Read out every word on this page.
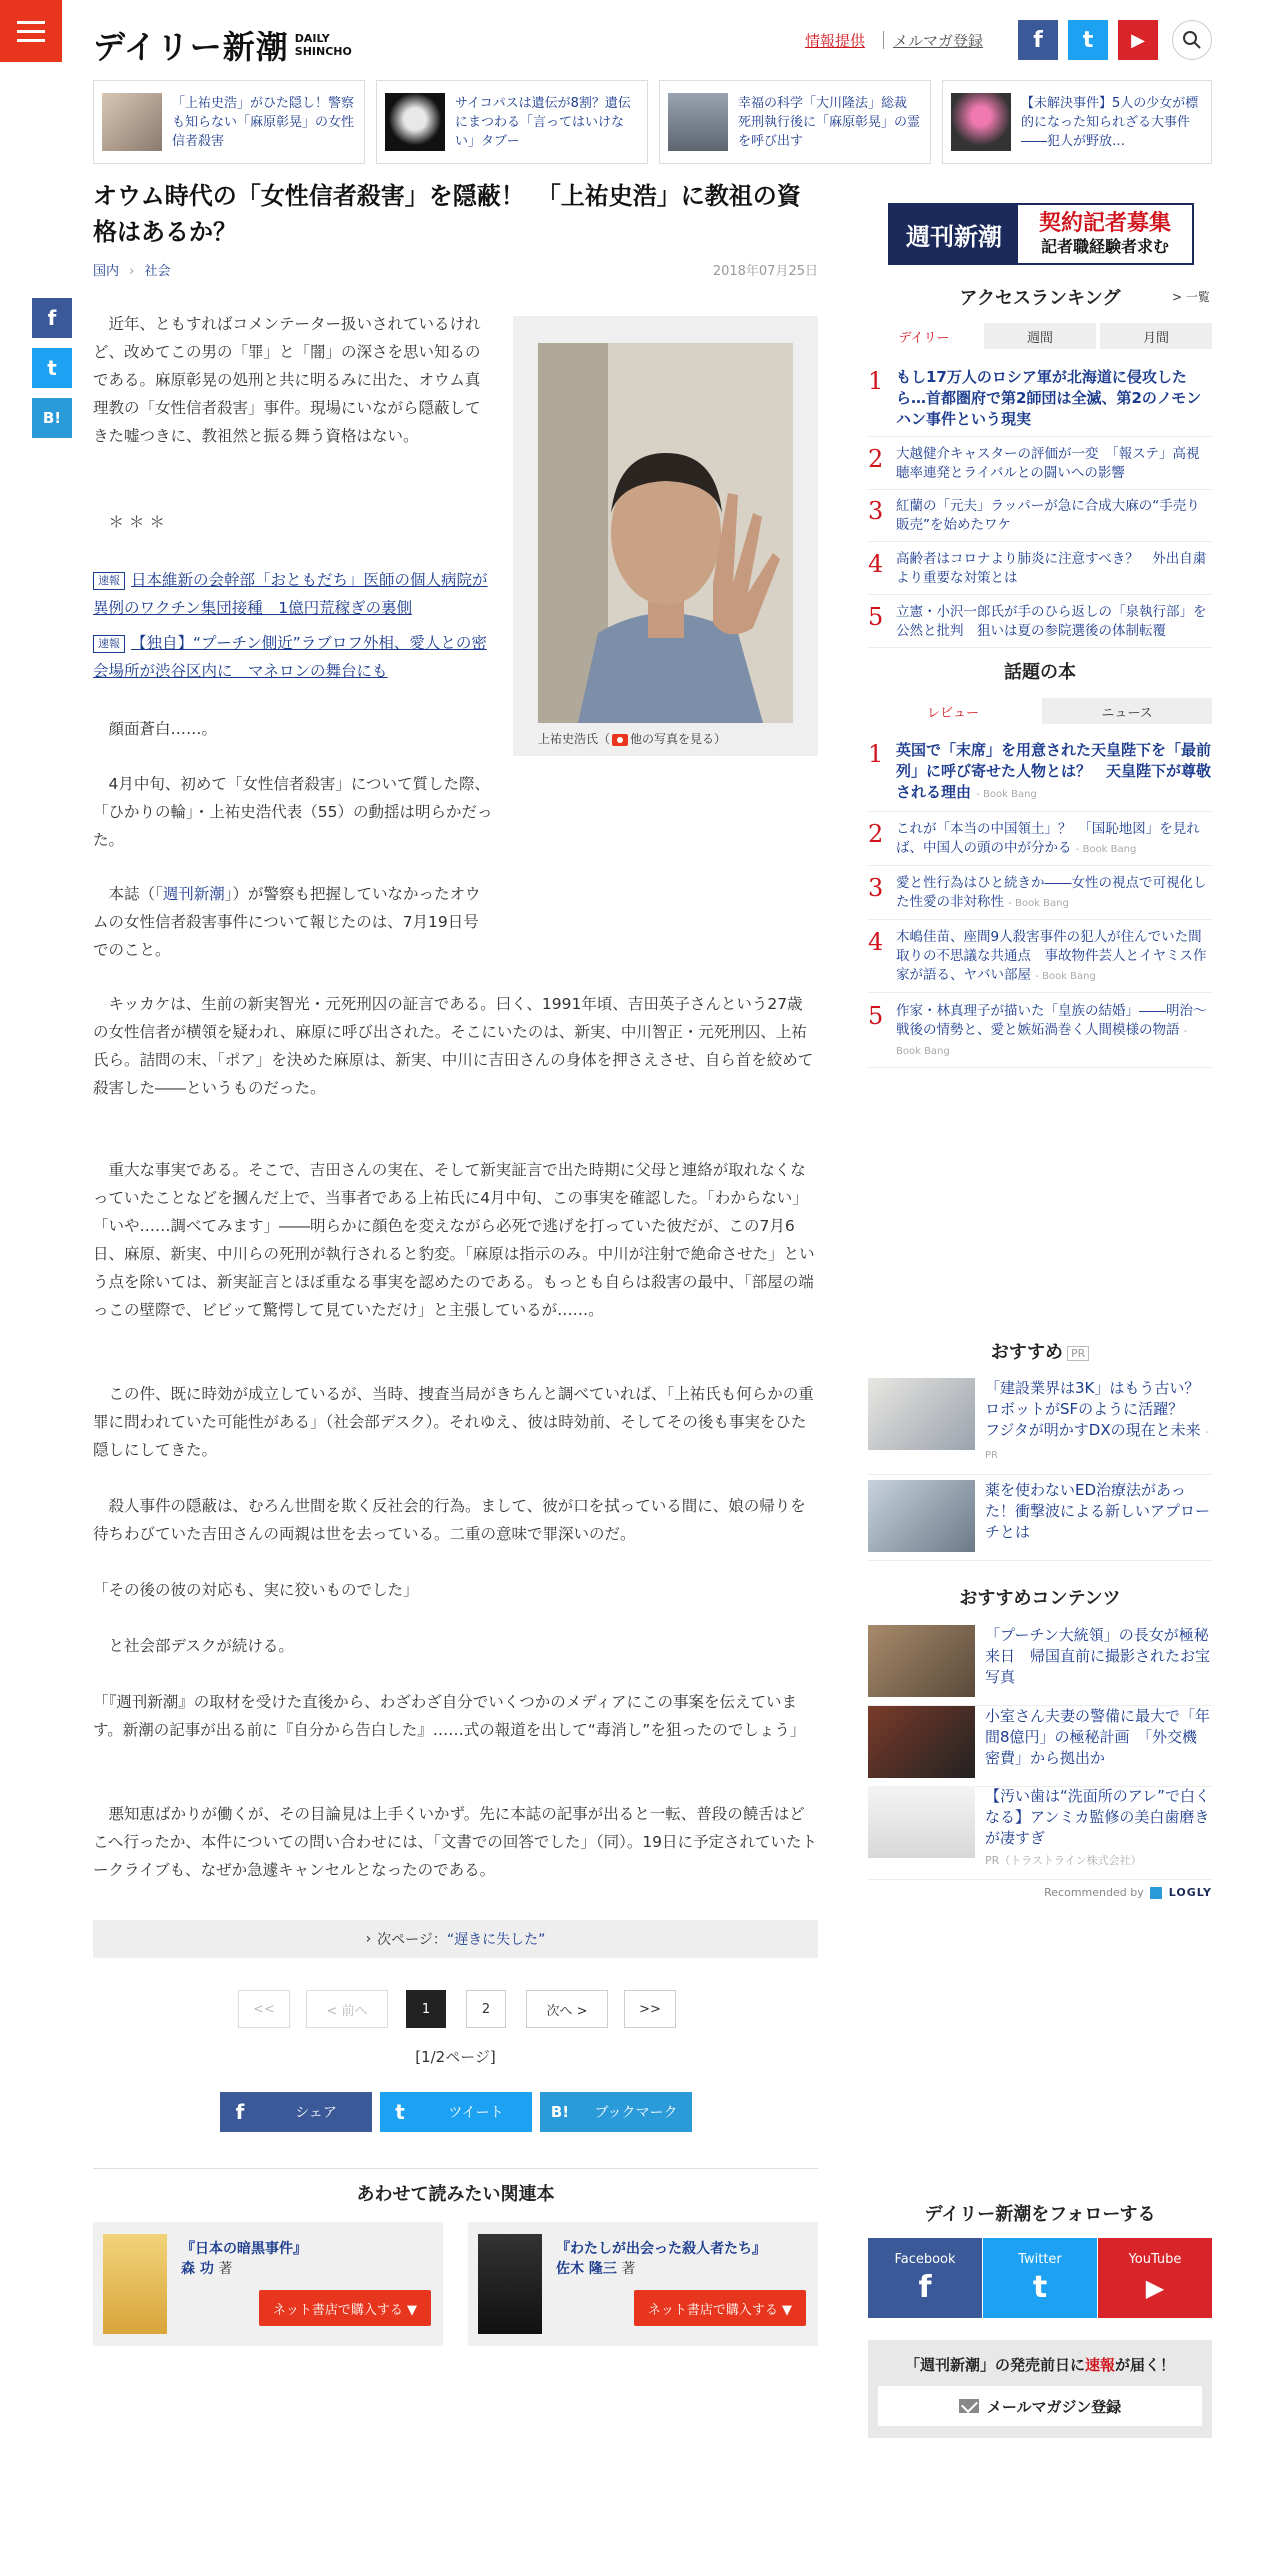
デイリー新潮 DAILY
SHINCHO
情報提供 メルマガ登録	f	t	▶
「上祐史浩」がひた隠し！警察も知らない「麻原彰晃」の女性信者殺害
サイコパスは遺伝が8割？遺伝にまつわる「言ってはいけない」タブー
幸福の科学「大川隆法」総裁　死刑執行後に「麻原彰晃」の霊を呼び出す
【未解決事件】5人の少女が標的になった知られざる大事件――犯人が野放…
f
t
B!
オウム時代の「女性信者殺害」を隠蔽！　「上祐史浩」に教祖の資格はあるか？
国内 › 社会	2018年07月25日
上祐史浩氏（ 他の写真を見る）

近年、ともすればコメンテーター扱いされているけれど、改めてこの男の「罪」と「闇」の深さを思い知るのである。麻原彰晃の処刑と共に明るみに出た、オウム真理教の「女性信者殺害」事件。現場にいながら隠蔽してきた嘘つきに、教祖然と振る舞う資格はない。

＊ ＊ ＊

速報 日本維新の会幹部「おともだち」医師の個人病院が異例のワクチン集団接種　1億円荒稼ぎの裏側
速報 【独自】“プーチン側近”ラブロフ外相、愛人との密会場所が渋谷区内に　マネロンの舞台にも

顔面蒼白……。

4月中旬、初めて「女性信者殺害」について質した際、「ひかりの輪」・上祐史浩代表（55）の動揺は明らかだった。

本誌（「週刊新潮」）が警察も把握していなかったオウムの女性信者殺害事件について報じたのは、7月19日号でのこと。

キッカケは、生前の新実智光・元死刑囚の証言である。曰く、1991年頃、吉田英子さんという27歳の女性信者が横領を疑われ、麻原に呼び出された。そこにいたのは、新実、中川智正・元死刑囚、上祐氏ら。詰問の末、「ポア」を決めた麻原は、新実、中川に吉田さんの身体を押さえさせ、自ら首を絞めて殺害した――というものだった。

重大な事実である。そこで、吉田さんの実在、そして新実証言で出た時期に父母と連絡が取れなくなっていたことなどを摑んだ上で、当事者である上祐氏に4月中旬、この事実を確認した。「わからない」「いや……調べてみます」――明らかに顔色を変えながら必死で逃げを打っていた彼だが、この7月6日、麻原、新実、中川らの死刑が執行されると豹変。「麻原は指示のみ。中川が注射で絶命させた」という点を除いては、新実証言とほぼ重なる事実を認めたのである。もっとも自らは殺害の最中、「部屋の端っこの壁際で、ビビッて驚愕して見ていただけ」と主張しているが……。

この件、既に時効が成立しているが、当時、捜査当局がきちんと調べていれば、「上祐氏も何らかの重罪に問われていた可能性がある」（社会部デスク）。それゆえ、彼は時効前、そしてその後も事実をひた隠しにしてきた。

殺人事件の隠蔽は、むろん世間を欺く反社会的行為。まして、彼が口を拭っている間に、娘の帰りを待ちわびていた吉田さんの両親は世を去っている。二重の意味で罪深いのだ。

「その後の彼の対応も、実に狡いものでした」

と社会部デスクが続ける。

「『週刊新潮』の取材を受けた直後から、わざわざ自分でいくつかのメディアにこの事案を伝えています。新潮の記事が出る前に『自分から告白した』……式の報道を出して“毒消し”を狙ったのでしょう」

悪知恵ばかりが働くが、その目論見は上手くいかず。先に本誌の記事が出ると一転、普段の饒舌はどこへ行ったか、本件についての問い合わせには、「文書での回答でした」（同）。19日に予定されていたトークライブも、なぜか急遽キャンセルとなったのである。

› 次ページ： “遅きに失した”
<<	< 前へ	1	2	次へ >	>>
[1/2ページ]
f	シェア	t	ツイート	B!	ブックマーク
あわせて読みたい関連本
『日本の暗黒事件』
森 功 著
ネット書店で購入する ▼
『わたしが出会った殺人者たち』
佐木 隆三 著
ネット書店で購入する ▼
週刊新潮	契約記者募集
記者職経験者求む
アクセスランキング	> 一覧
デイリー	週間	月間
1 もし17万人のロシア軍が北海道に侵攻したら…首都圏府で第2師団は全滅、第2のノモンハン事件という現実
2 大越健介キャスターの評価が一変　「報ステ」高視聴率連発とライバルとの闘いへの影響
3 紅蘭の「元夫」ラッパーが急に合成大麻の“手売り販売”を始めたワケ
4 高齢者はコロナより肺炎に注意すべき？　外出自粛より重要な対策とは
5 立憲・小沢一郎氏が手のひら返しの「泉執行部」を公然と批判　狙いは夏の参院選後の体制転覆
話題の本
レビュー	ニュース
1 英国で「末席」を用意された天皇陛下を「最前列」に呼び寄せた人物とは？　天皇陛下が尊敬される理由 - Book Bang
2 これが「本当の中国領土」？　「国恥地図」を見れば、中国人の頭の中が分かる - Book Bang
3 愛と性行為はひと続きか――女性の視点で可視化した性愛の非対称性 - Book Bang
4 木嶋佳苗、座間9人殺害事件の犯人が住んでいた間取りの不思議な共通点　事故物件芸人とイヤミス作家が語る、ヤバい部屋 - Book Bang
5 作家・林真理子が描いた「皇族の結婚」――明治～戦後の情勢と、愛と嫉妬渦巻く人間模様の物語 - Book Bang
おすすめ PR
「建設業界は3K」はもう古い？ ロボットがSFのように活躍？　フジタが明かすDXの現在と未来 - PR
薬を使わないED治療法があった！衝撃波による新しいアプローチとは
おすすめコンテンツ
「プーチン大統領」の長女が極秘来日　帰国直前に撮影されたお宝写真
小室さん夫妻の警備に最大で「年間8億円」の極秘計画　「外交機密費」から拠出か
【汚い歯は“洗面所のアレ”で白くなる】アンミカ監修の美白歯磨きが凄すぎ
PR（トラストライン株式会社）
Recommended by LOGLY
デイリー新潮をフォローする
Facebook
f
Twitter
t
YouTube
▶
「週刊新潮」の発売前日に速報が届く！
メールマガジン登録
